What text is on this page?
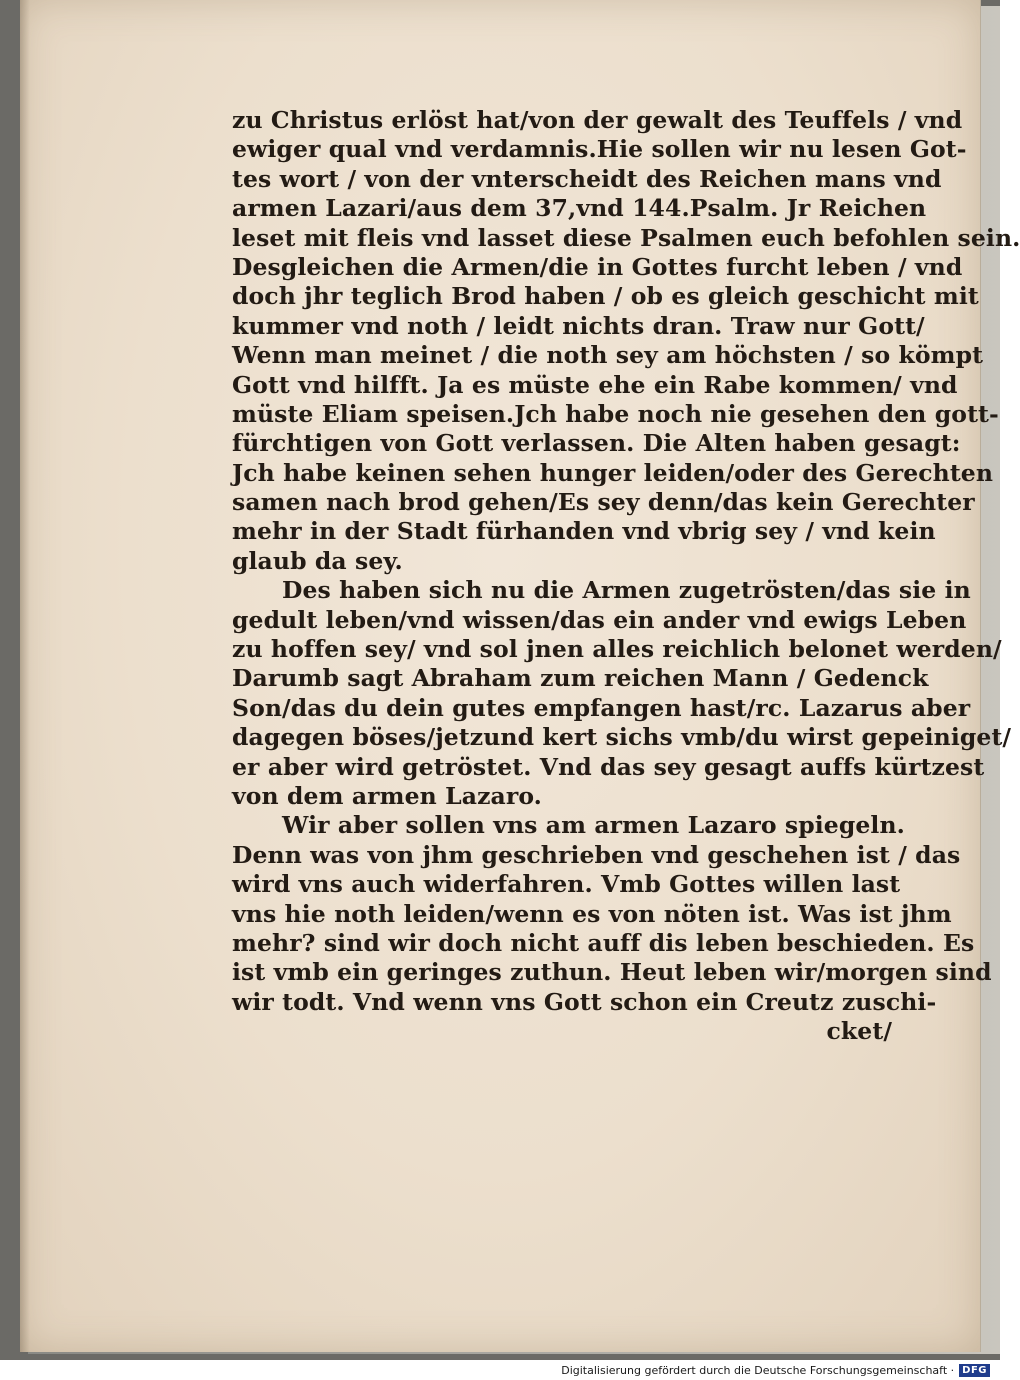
zu Christus erlöst hat/von der gewalt des Teuffels / vnd
ewiger qual vnd verdamnis.Hie sollen wir nu lesen Got-
tes wort / von der vnterscheidt des Reichen mans vnd
armen Lazari/aus dem 37,vnd 144.Psalm. Jr Reichen
leset mit fleis vnd lasset diese Psalmen euch befohlen sein.
Desgleichen die Armen/die in Gottes furcht leben / vnd
doch jhr teglich Brod haben / ob es gleich geschicht mit
kummer vnd noth / leidt nichts dran. Traw nur Gott/
Wenn man meinet / die noth sey am höchsten / so kömpt
Gott vnd hilfft. Ja es müste ehe ein Rabe kommen/ vnd
müste Eliam speisen.Jch habe noch nie gesehen den gott-
fürchtigen von Gott verlassen. Die Alten haben gesagt:
Jch habe keinen sehen hunger leiden/oder des Gerechten
samen nach brod gehen/Es sey denn/das kein Gerechter
mehr in der Stadt fürhanden vnd vbrig sey / vnd kein
glaub da sey.
Des haben sich nu die Armen zugetrösten/das sie in
gedult leben/vnd wissen/das ein ander vnd ewigs Leben
zu hoffen sey/ vnd sol jnen alles reichlich belonet werden/
Darumb sagt Abraham zum reichen Mann / Gedenck
Son/das du dein gutes empfangen hast/rc. Lazarus aber
dagegen böses/jetzund kert sichs vmb/du wirst gepeiniget/
er aber wird getröstet. Vnd das sey gesagt auffs kürtzest
von dem armen Lazaro.
Wir aber sollen vns am armen Lazaro spiegeln.
Denn was von jhm geschrieben vnd geschehen ist / das
wird vns auch widerfahren. Vmb Gottes willen last
vns hie noth leiden/wenn es von nöten ist. Was ist jhm
mehr? sind wir doch nicht auff dis leben beschieden. Es
ist vmb ein geringes zuthun. Heut leben wir/morgen sind
wir todt. Vnd wenn vns Gott schon ein Creutz zuschi-
cket/
Digitalisierung gefördert durch die Deutsche Forschungsgemeinschaft · DFG
